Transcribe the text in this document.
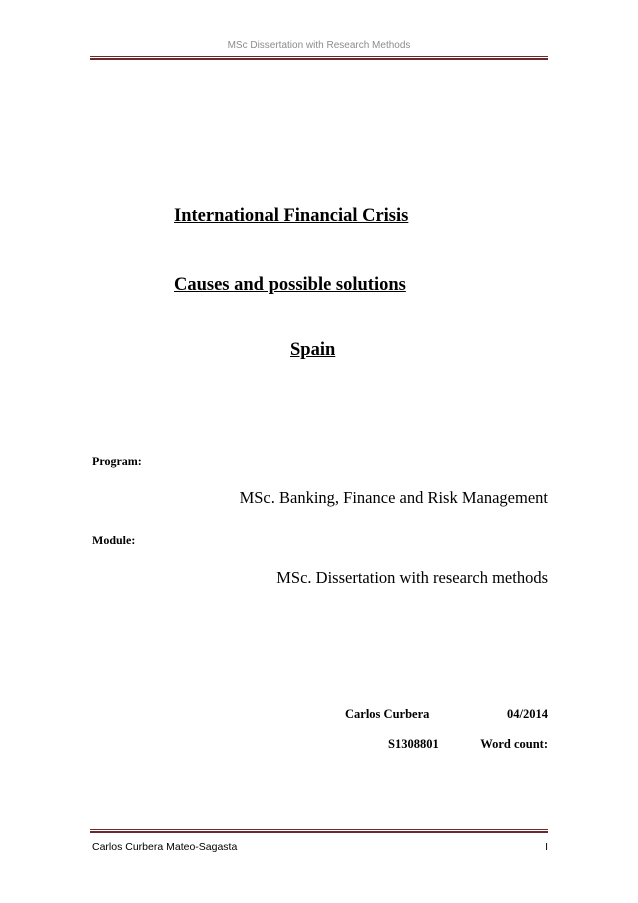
MSc Dissertation with Research Methods
International Financial Crisis
Causes and possible solutions
Spain
Program:
MSc. Banking, Finance and Risk Management
Module:
MSc. Dissertation with research methods
Carlos Curbera	04/2014
S1308801	Word count:
Carlos Curbera Mateo-Sagasta	I
